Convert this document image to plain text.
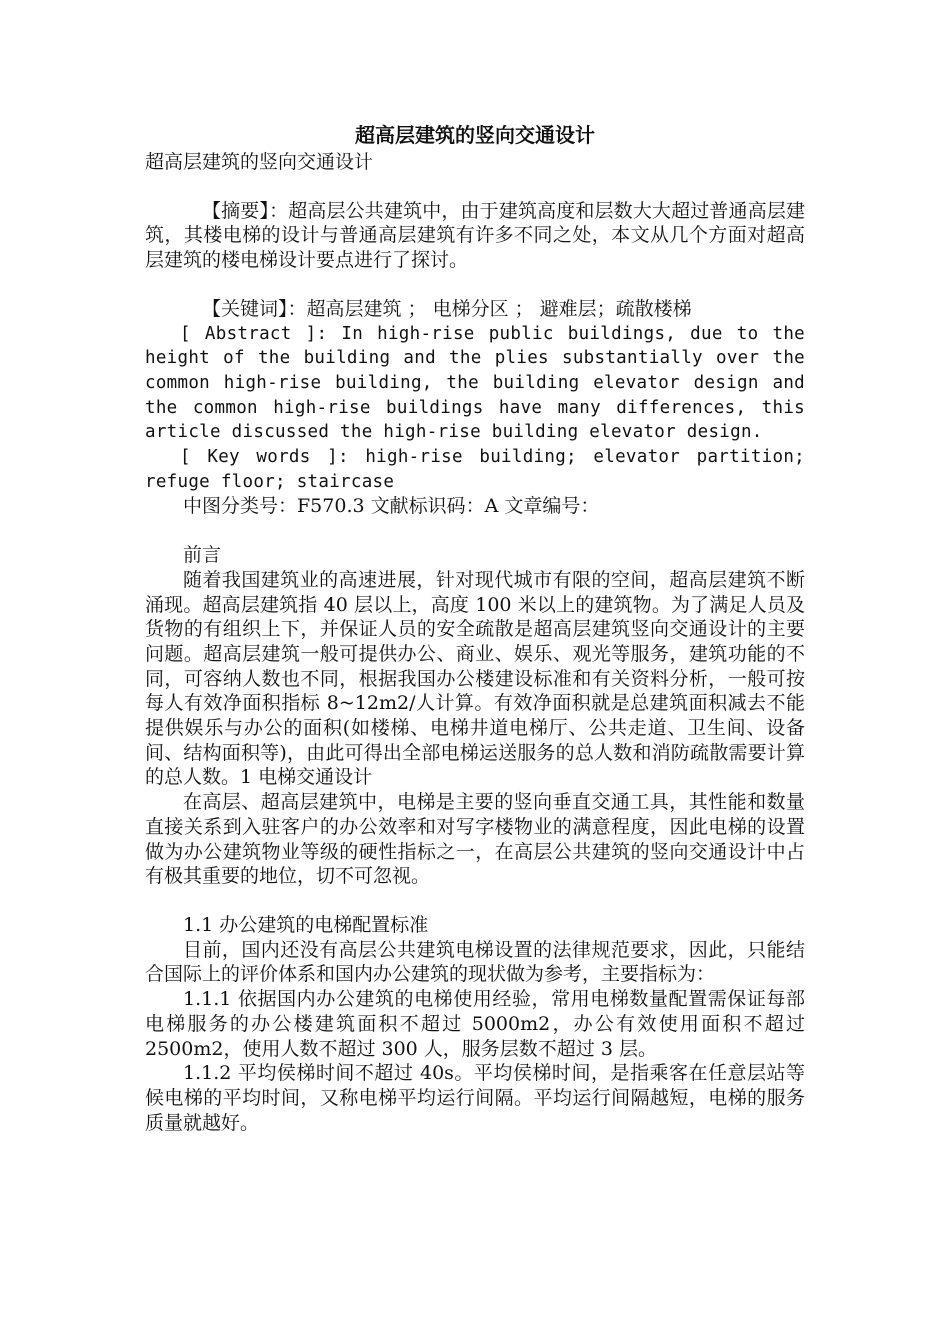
超高层建筑的竖向交通设计

超高层建筑的竖向交通设计

【摘要】：超高层公共建筑中，由于建筑高度和层数大大超过普通高层建筑，其楼电梯的设计与普通高层建筑有许多不同之处，本文从几个方面对超高层建筑的楼电梯设计要点进行了探讨。

【关键词】：超高层建筑 ； 电梯分区 ； 避难层；疏散楼梯

[ Abstract ]: In high-rise public buildings, due to the height of the building and the plies substantially over the common high-rise building, the building elevator design and the common high-rise buildings have many differences, this article discussed the high-rise building elevator design.

[ Key words ]: high-rise building; elevator partition; refuge floor; staircase

中图分类号：F570.3 文献标识码：A 文章编号：

前言

随着我国建筑业的高速进展，针对现代城市有限的空间，超高层建筑不断涌现。超高层建筑指 40 层以上，高度 100 米以上的建筑物。为了满足人员及货物的有组织上下，并保证人员的安全疏散是超高层建筑竖向交通设计的主要问题。超高层建筑一般可提供办公、商业、娱乐、观光等服务，建筑功能的不同，可容纳人数也不同，根据我国办公楼建设标准和有关资料分析，一般可按每人有效净面积指标 8~12m2/人计算。有效净面积就是总建筑面积减去不能提供娱乐与办公的面积(如楼梯、电梯井道电梯厅、公共走道、卫生间、设备间、结构面积等)，由此可得出全部电梯运送服务的总人数和消防疏散需要计算的总人数。1 电梯交通设计

在高层、超高层建筑中，电梯是主要的竖向垂直交通工具，其性能和数量直接关系到入驻客户的办公效率和对写字楼物业的满意程度，因此电梯的设置做为办公建筑物业等级的硬性指标之一，在高层公共建筑的竖向交通设计中占有极其重要的地位，切不可忽视。

1.1 办公建筑的电梯配置标准

目前，国内还没有高层公共建筑电梯设置的法律规范要求，因此，只能结合国际上的评价体系和国内办公建筑的现状做为参考，主要指标为：

1.1.1 依据国内办公建筑的电梯使用经验，常用电梯数量配置需保证每部电梯服务的办公楼建筑面积不超过 5000m2，办公有效使用面积不超过 2500m2，使用人数不超过 300 人，服务层数不超过 3 层。

1.1.2 平均侯梯时间不超过 40s。平均侯梯时间，是指乘客在任意层站等候电梯的平均时间，又称电梯平均运行间隔。平均运行间隔越短，电梯的服务质量就越好。
